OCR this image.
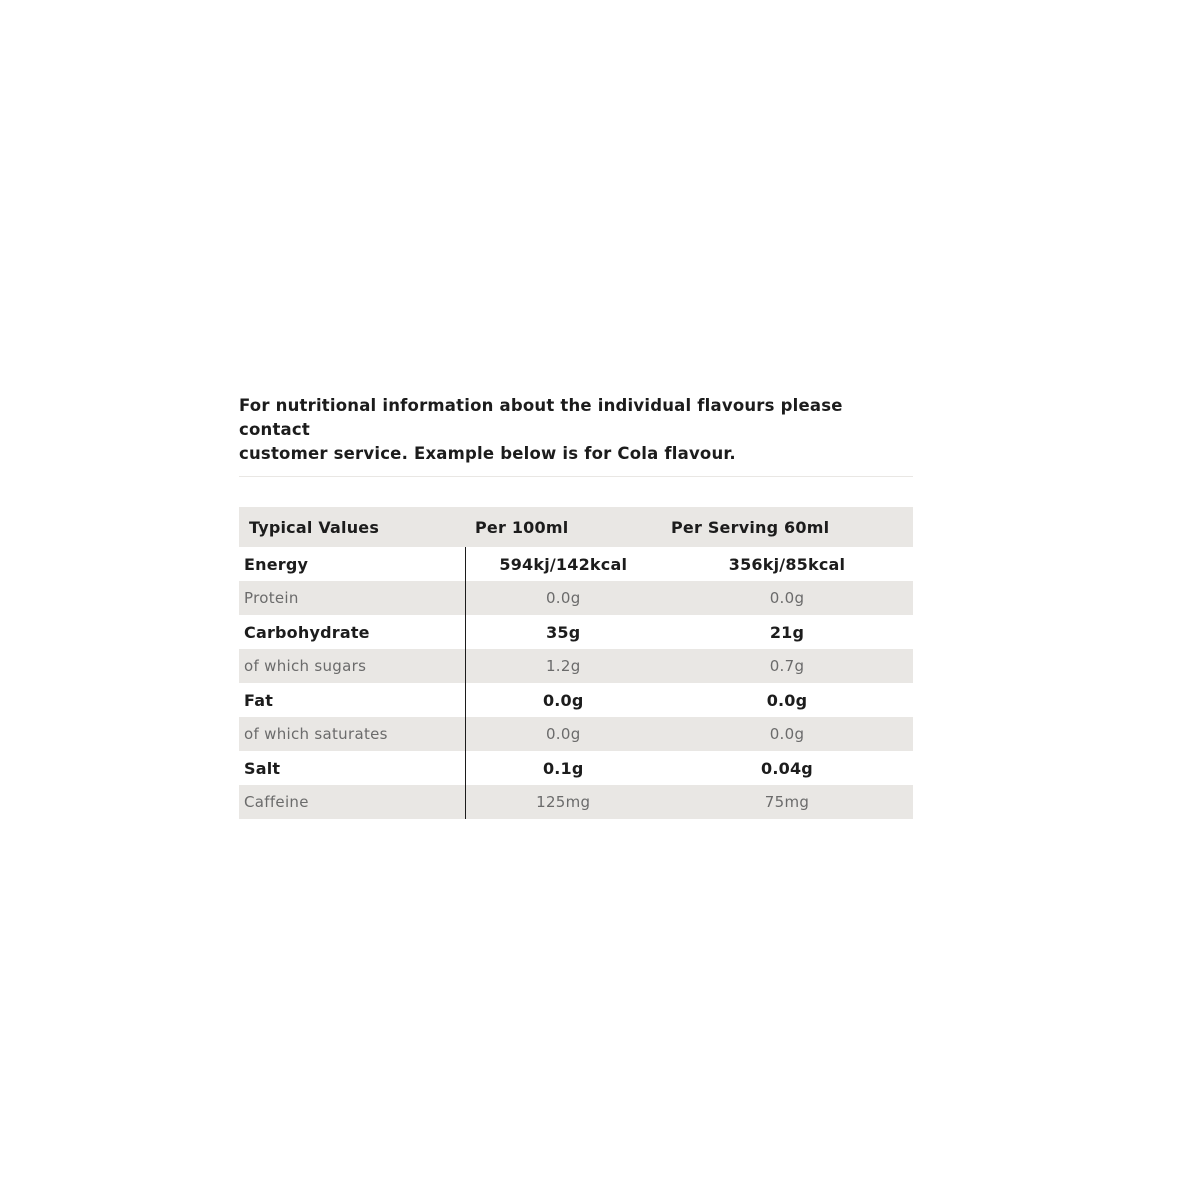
For nutritional information about the individual flavours please contact
customer service. Example below is for Cola flavour.

Typical Values	Per 100ml	Per Serving 60ml
Energy	594kj/142kcal	356kj/85kcal
Protein	0.0g	0.0g
Carbohydrate	35g	21g
of which sugars	1.2g	0.7g
Fat	0.0g	0.0g
of which saturates	0.0g	0.0g
Salt	0.1g	0.04g
Caffeine	125mg	75mg
